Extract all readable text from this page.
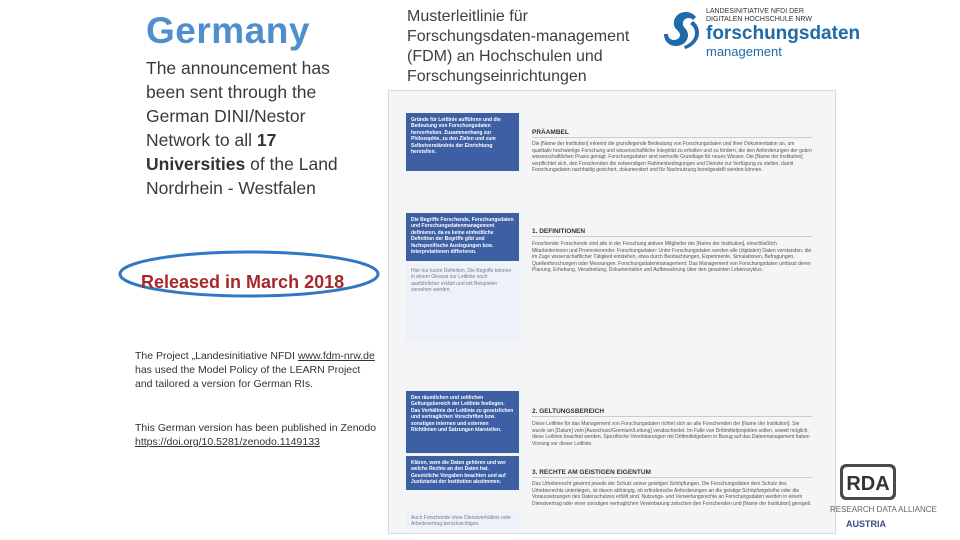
Germany
The announcement has been sent through the German DINI/Nestor Network to all 17 Universities of the Land Nordrhein - Westfalen
Released in March 2018
The Project „Landesinitiative NFDI www.fdm-nrw.de has used the Model Policy of the LEARN Project and tailored a version for German RIs.
This German version has been published in Zenodo
https://doi.org/10.5281/zenodo.1149133
Musterleitlinie für Forschungsdaten-management (FDM) an Hochschulen und Forschungseinrichtungen
LANDESINITIATIVE NFDI DER DIGITALEN HOCHSCHULE NRW
forschungsdaten
management
Gründe für Leitlinie aufführen und die Bedeutung von Forschungsdaten hervorheben. Zusammenhang zur Philosophie, zu den Zielen und zum Selbstverständnis der Einrichtung herstellen.
Die Begriffe Forschende, Forschungsdaten und Forschungsdatenmanagement definieren, da es keine einheitliche Definition der Begriffe gibt und fachspezifische Auslegungen bzw. Interpretationen differieren.
Hier nur kurze Definition. Die Begriffe können in einem Glossar zur Leitlinie noch ausführlicher erklärt und mit Beispielen versehen werden.
Den räumlichen und zeitlichen Geltungsbereich der Leitlinie festlegen. Das Verhältnis der Leitlinie zu gesetzlichen und vertraglichen Vorschriften bzw. sonstigen internen und externen Richtlinien und Satzungen klarstellen.
Klären, wem die Daten gehören und wer welche Rechte an den Daten hat. Gesetzliche Vorgaben beachten und auf Justiziariat der Institution abstimmen.
Auch Forschende ohne Dienstverhältnis oder Arbeitsvertrag berücksichtigen.
PRÄAMBEL
Die [Name der Institution] erkennt die grundlegende Bedeutung von Forschungsdaten und ihrer Dokumentation an, um qualitativ hochwertige Forschung und wissenschaftliche Integrität zu erhalten und zu fördern, die den Anforderungen der guten wissenschaftlichen Praxis genügt. Forschungsdaten sind wertvolle Grundlage für neues Wissen. Die [Name der Institution] verpflichtet sich, den Forschenden die notwendigen Rahmenbedingungen und Dienste zur Verfügung zu stellen, damit Forschungsdaten nachhaltig gesichert, dokumentiert und für Nachnutzung bereitgestellt werden können.
1. DEFINITIONEN
Forschende: Forschende sind alle in der Forschung aktiven Mitglieder der [Name der Institution], einschließlich Mitarbeiterinnen und Promovierender. Forschungsdaten: Unter Forschungsdaten werden alle (digitalen) Daten verstanden, die im Zuge wissenschaftlicher Tätigkeit entstehen, etwa durch Beobachtungen, Experimente, Simulationen, Befragungen, Quellenforschungen oder Messungen. Forschungsdatenmanagement: Das Management von Forschungsdaten umfasst deren Planung, Erhebung, Verarbeitung, Dokumentation und Aufbewahrung über den gesamten Lebenszyklus.
2. GELTUNGSBEREICH
Diese Leitlinie für das Management von Forschungsdaten richtet sich an alle Forschenden der [Name der Institution]. Sie wurde am [Datum] vom [Ausschuss/Gremium/Leitung] verabschiedet. Im Falle von Drittmittelprojekten sollen, soweit möglich, diese Leitlinie beachtet werden. Spezifische Vereinbarungen mit Drittmittelgebern in Bezug auf das Datenmanagement haben Vorrang vor dieser Leitlinie.
3. RECHTE AM GEISTIGEN EIGENTUM
Das Urheberrecht gewinnt jeweils der Schutz seiner geistigen Schöpfungen. Die Forschungsdaten dem Schutz des Urheberrechts unterliegen, ist davon abhängig, ob erfinderische Anforderungen an die geistige Schöpfungshöhe oder die Voraussetzungen des Datenschutzes erfüllt sind. Nutzungs- und Verwertungsrechte an Forschungsdaten werden in einem Dienstvertrag oder einer sonstigen vertraglichen Vereinbarung zwischen den Forschenden und [Name der Institution] geregelt.
RDA
RESEARCH DATA ALLIANCE
AUSTRIA
